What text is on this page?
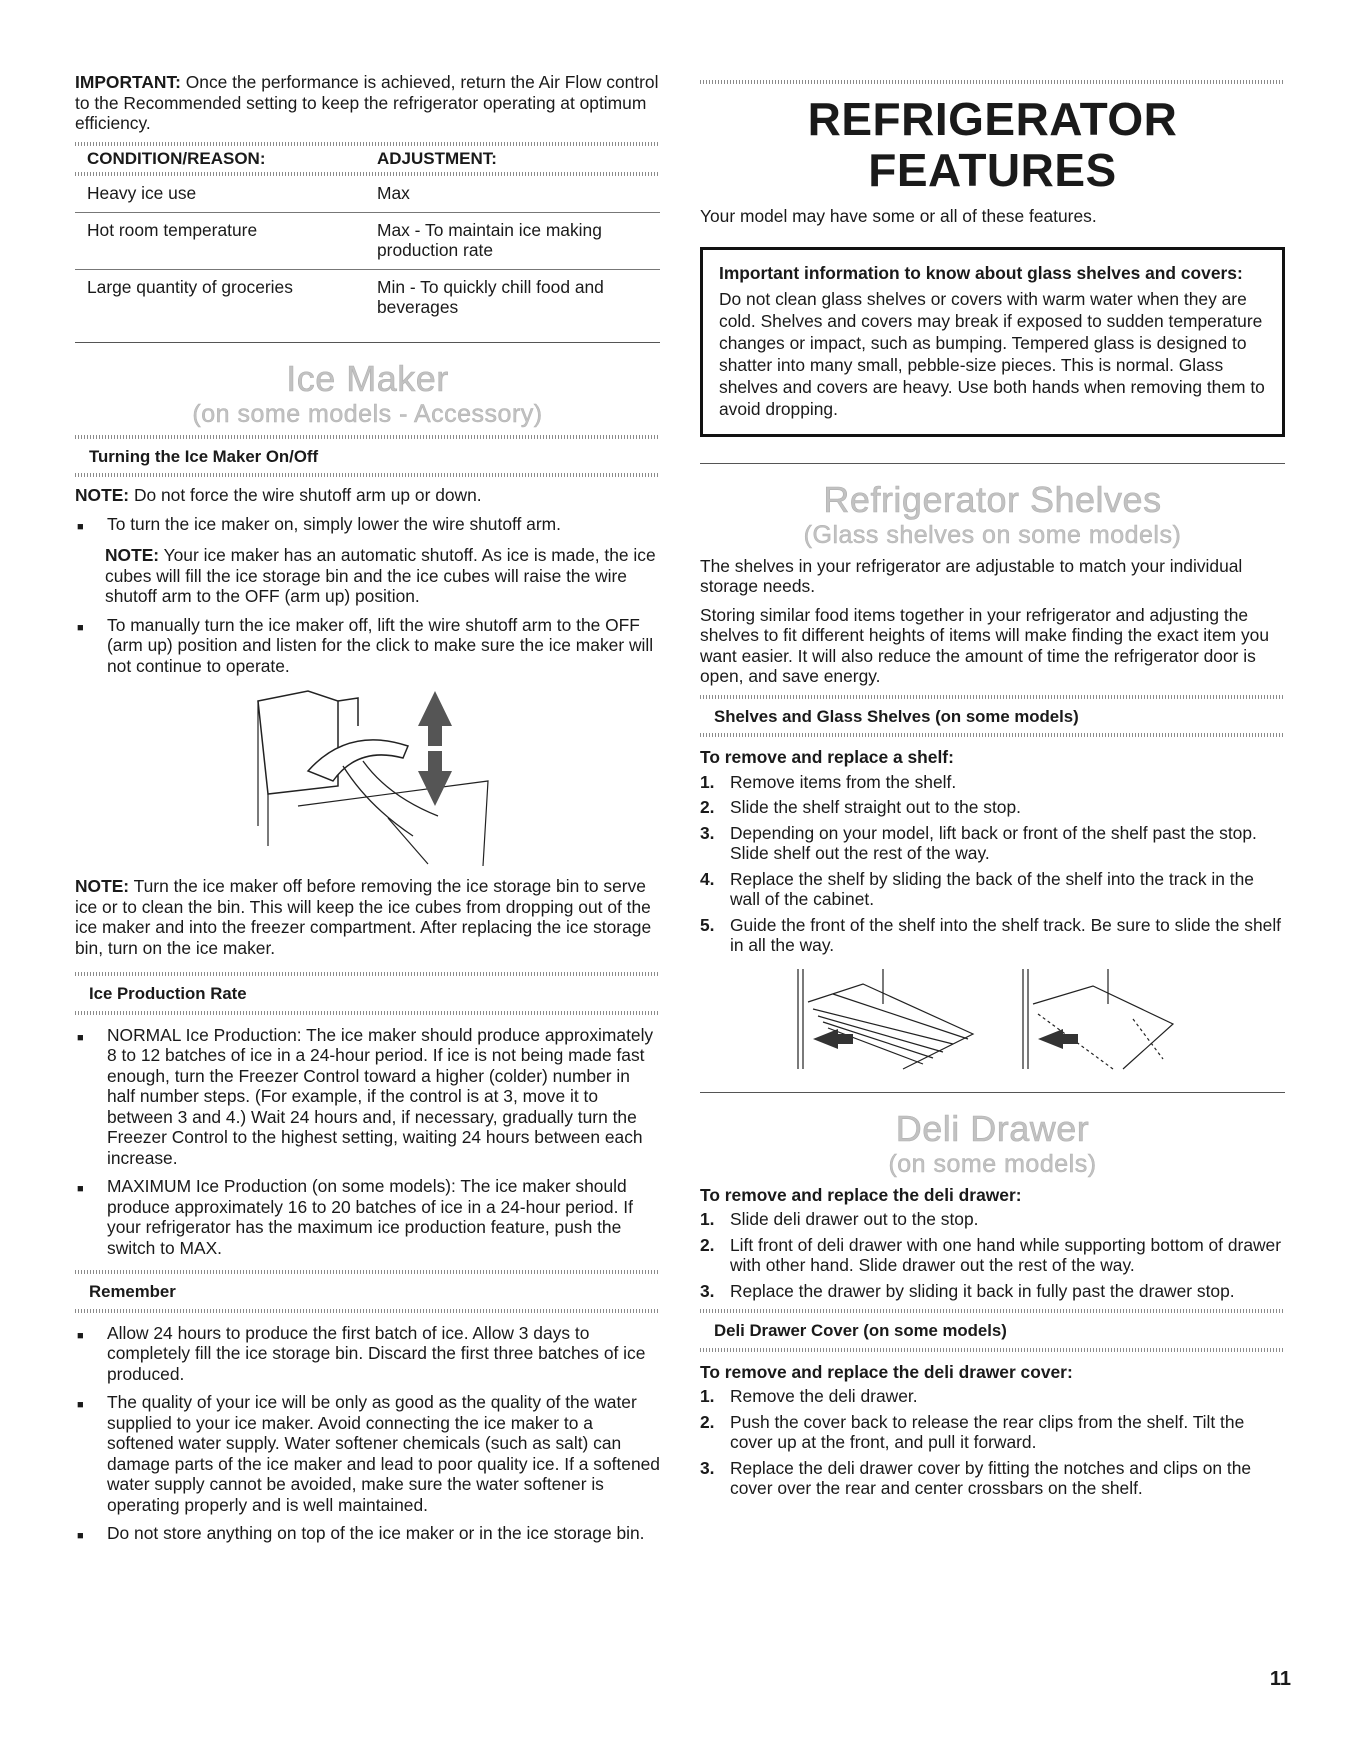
IMPORTANT: Once the performance is achieved, return the Air Flow control to the Recommended setting to keep the refrigerator operating at optimum efficiency.

CONDITION/REASON:	ADJUSTMENT:
Heavy ice use	Max
Hot room temperature	Max - To maintain ice making production rate
Large quantity of groceries	Min - To quickly chill food and beverages
Ice Maker
(on some models - Accessory)
Turning the Ice Maker On/Off

NOTE: Do not force the wire shutoff arm up or down.

■	To turn the ice maker on, simply lower the wire shutoff arm.
NOTE: Your ice maker has an automatic shutoff. As ice is made, the ice cubes will fill the ice storage bin and the ice cubes will raise the wire shutoff arm to the OFF (arm up) position.
■	To manually turn the ice maker off, lift the wire shutoff arm to the OFF (arm up) position and listen for the click to make sure the ice maker will not continue to operate.

NOTE: Turn the ice maker off before removing the ice storage bin to serve ice or to clean the bin. This will keep the ice cubes from dropping out of the ice maker and into the freezer compartment. After replacing the ice storage bin, turn on the ice maker.

Ice Production Rate
■	NORMAL Ice Production: The ice maker should produce approximately 8 to 12 batches of ice in a 24-hour period. If ice is not being made fast enough, turn the Freezer Control toward a higher (colder) number in half number steps. (For example, if the control is at 3, move it to between 3 and 4.) Wait 24 hours and, if necessary, gradually turn the Freezer Control to the highest setting, waiting 24 hours between each increase.
■	MAXIMUM Ice Production (on some models): The ice maker should produce approximately 16 to 20 batches of ice in a 24-hour period. If your refrigerator has the maximum ice production feature, push the switch to MAX.
Remember
■	Allow 24 hours to produce the first batch of ice. Allow 3 days to completely fill the ice storage bin. Discard the first three batches of ice produced.
■	The quality of your ice will be only as good as the quality of the water supplied to your ice maker. Avoid connecting the ice maker to a softened water supply. Water softener chemicals (such as salt) can damage parts of the ice maker and lead to poor quality ice. If a softened water supply cannot be avoided, make sure the water softener is operating properly and is well maintained.
■	Do not store anything on top of the ice maker or in the ice storage bin.
REFRIGERATOR
FEATURES

Your model may have some or all of these features.

Important information to know about glass shelves and covers:
Do not clean glass shelves or covers with warm water when they are cold. Shelves and covers may break if exposed to sudden temperature changes or impact, such as bumping. Tempered glass is designed to shatter into many small, pebble-size pieces. This is normal. Glass shelves and covers are heavy. Use both hands when removing them to avoid dropping.
Refrigerator Shelves
(Glass shelves on some models)

The shelves in your refrigerator are adjustable to match your individual storage needs.

Storing similar food items together in your refrigerator and adjusting the shelves to fit different heights of items will make finding the exact item you want easier. It will also reduce the amount of time the refrigerator door is open, and save energy.

Shelves and Glass Shelves (on some models)

To remove and replace a shelf:

1. Remove items from the shelf.
2. Slide the shelf straight out to the stop.
3. Depending on your model, lift back or front of the shelf past the stop. Slide shelf out the rest of the way.
4. Replace the shelf by sliding the back of the shelf into the track in the wall of the cabinet.
5. Guide the front of the shelf into the shelf track. Be sure to slide the shelf in all the way.
Deli Drawer
(on some models)

To remove and replace the deli drawer:

1. Slide deli drawer out to the stop.
2. Lift front of deli drawer with one hand while supporting bottom of drawer with other hand. Slide drawer out the rest of the way.
3. Replace the drawer by sliding it back in fully past the drawer stop.
Deli Drawer Cover (on some models)

To remove and replace the deli drawer cover:

1. Remove the deli drawer.
2. Push the cover back to release the rear clips from the shelf. Tilt the cover up at the front, and pull it forward.
3. Replace the deli drawer cover by fitting the notches and clips on the cover over the rear and center crossbars on the shelf.
11
